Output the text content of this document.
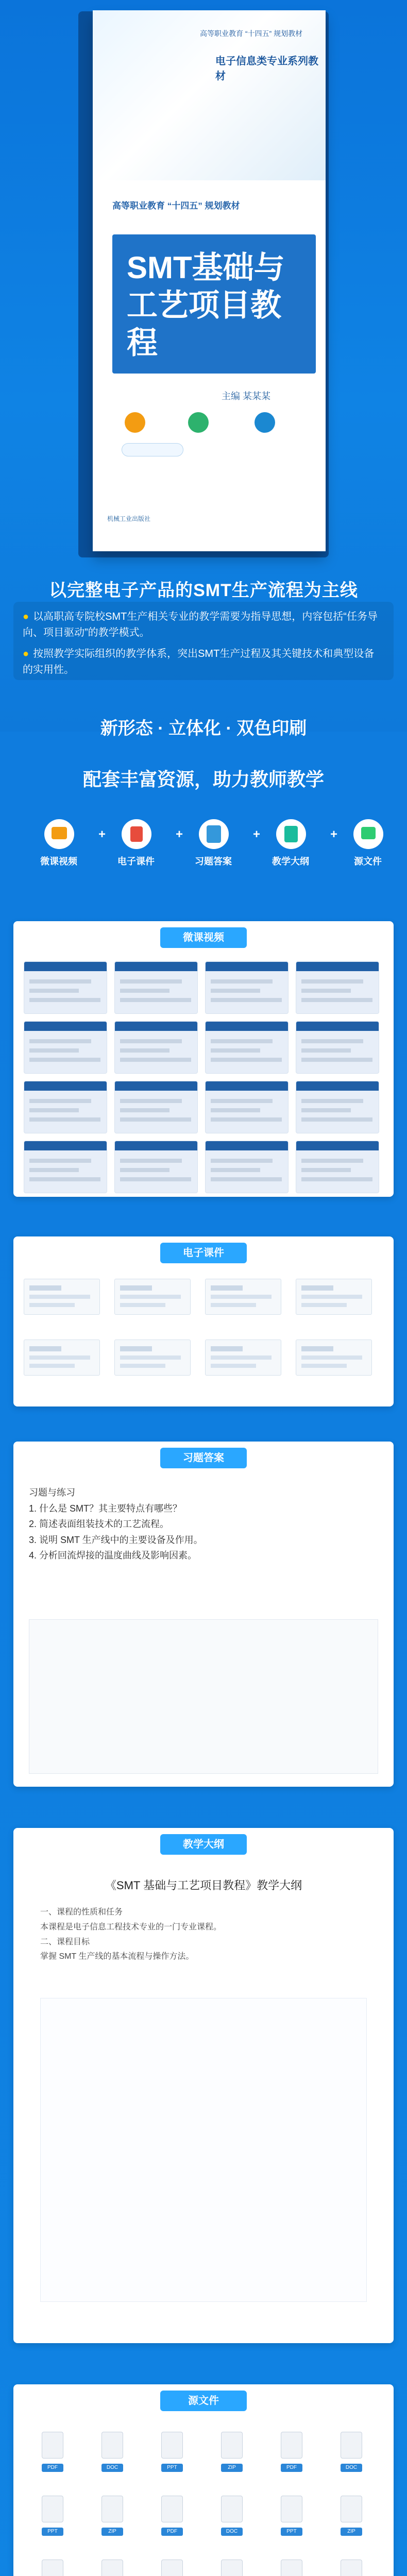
高等职业教育 “十四五” 规划教材
电子信息类专业系列教材
高等职业教育 “十四五” 规划教材
SMT基础与工艺项目教程
主编 某某某
机械工业出版社
以完整电子产品的SMT生产流程为主线
● 以高职高专院校SMT生产相关专业的教学需要为指导思想，内容包括“任务导向、项目驱动”的教学模式。
● 按照教学实际组织的教学体系，突出SMT生产过程及其关键技术和典型设备的实用性。
新形态 · 立体化 · 双色印刷
配套丰富资源，助力教师教学
微课视频
+
电子课件
+
习题答案
+
教学大纲
+
源文件
微课视频
电子课件
习题答案
习题与练习
1. 什么是 SMT？其主要特点有哪些？
2. 简述表面组装技术的工艺流程。
3. 说明 SMT 生产线中的主要设备及作用。
4. 分析回流焊接的温度曲线及影响因素。
教学大纲
《SMT 基础与工艺项目教程》教学大纲
一、课程的性质和任务
本课程是电子信息工程技术专业的一门专业课程。
二、课程目标
掌握 SMT 生产线的基本流程与操作方法。
源文件
PDF	DOC	PPT	ZIP	PDF	DOC
PPT	ZIP	PDF	DOC	PPT	ZIP
